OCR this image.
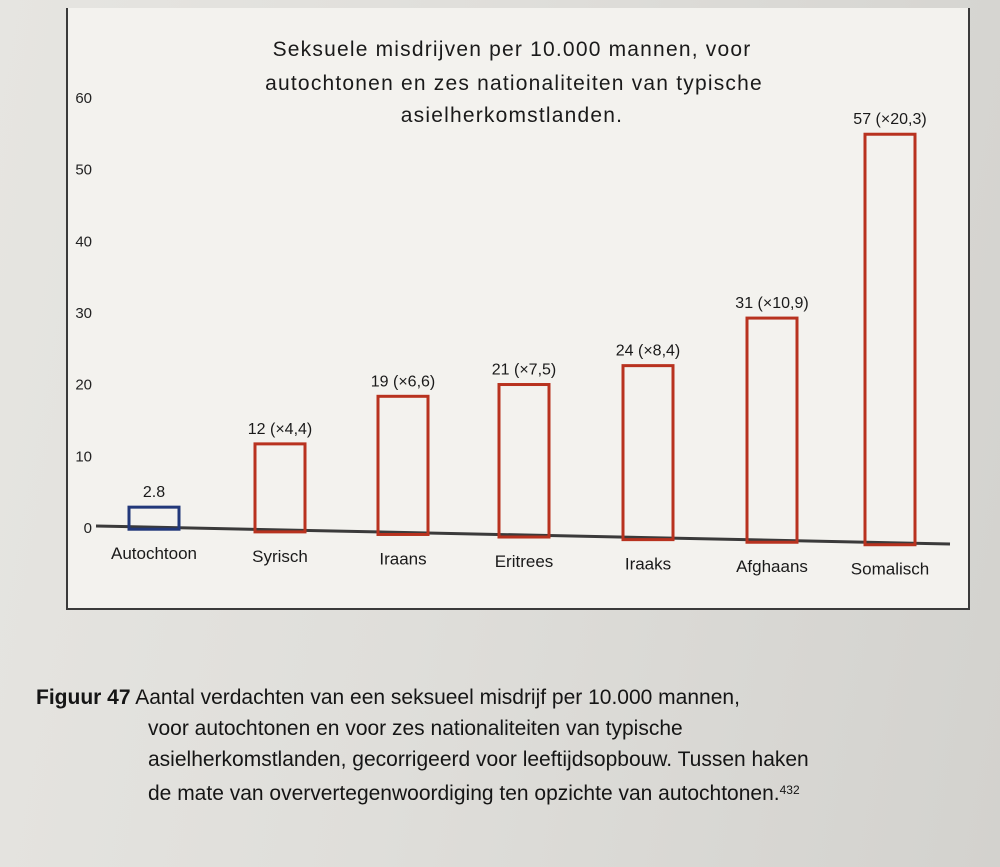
Seksuele misdrijven per 10.000 mannen, voor
autochtonen en zes nationaliteiten van typische
asielherkomstlanden.
0
10
20
30
40
50
60
2.8
Autochtoon
12 (×4,4)
Syrisch
19 (×6,6)
Iraans
21 (×7,5)
Eritrees
24 (×8,4)
Iraaks
31 (×10,9)
Afghaans
57 (×20,3)
Somalisch
Figuur 47 Aantal verdachten van een seksueel misdrijf per 10.000 mannen,
voor autochtonen en voor zes nationaliteiten van typische
asielherkomstlanden, gecorrigeerd voor leeftijdsopbouw. Tussen haken
de mate van oververtegenwoordiging ten opzichte van autochtonen.$^{432}$
